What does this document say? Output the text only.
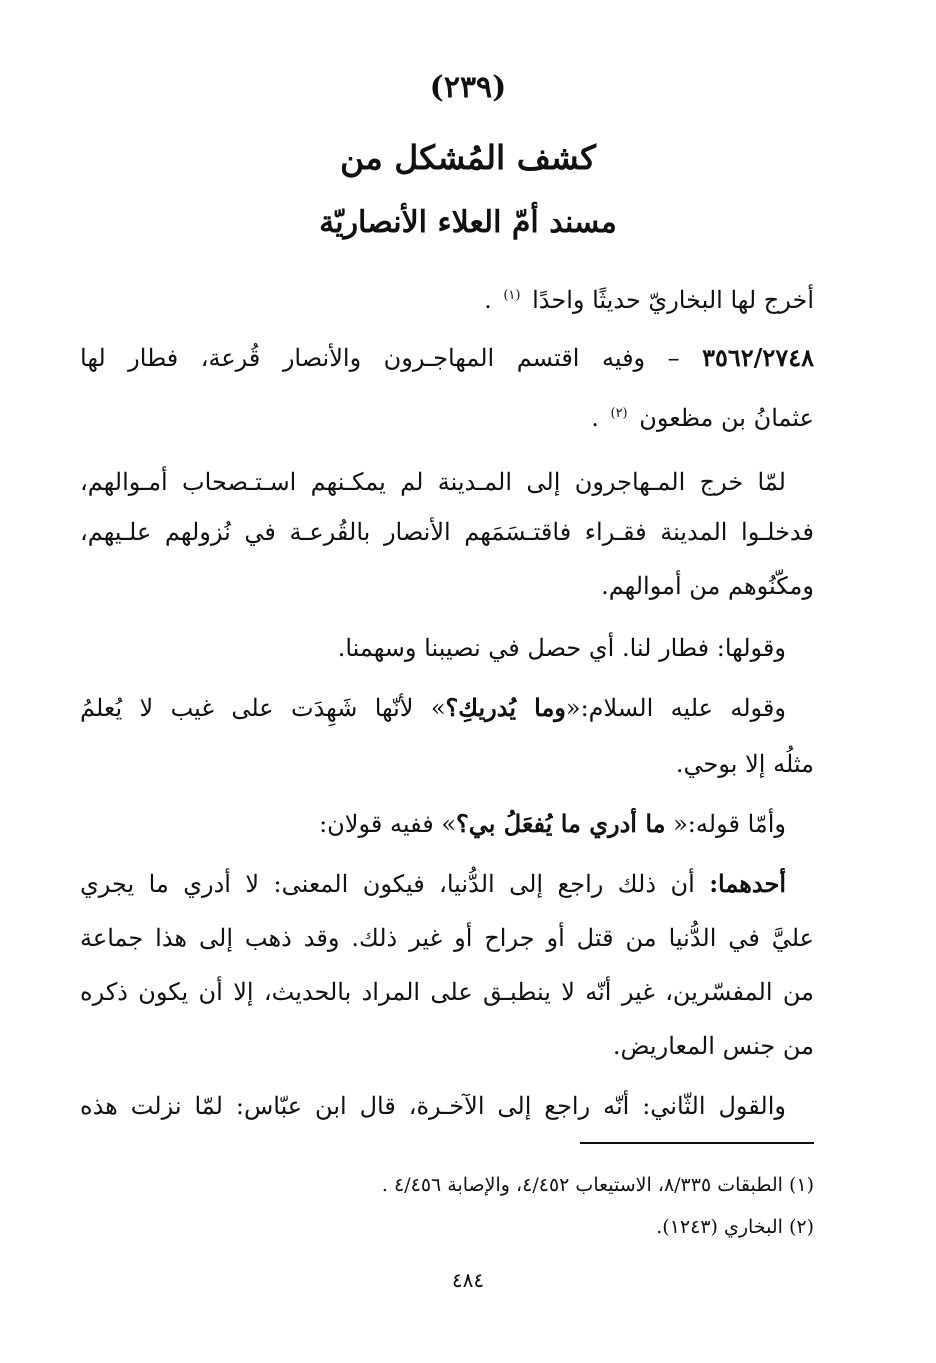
(٢٣٩)
كشف المُشكل من
مسند أمّ العلاء الأنصاريّة
أخرج لها البخاريّ حديثًا واحدًا $^{(١)}$ .
٣٥٦٢/٢٧٤٨ – وفيه اقتسم المهاجـرون والأنصار قُرعة، فطار لها
عثمانُ بن مظعون $^{(٢)}$ .
لمّا خرج المـهاجرون إلى المـدينة لم يمكـنهم اسـتـصحاب أمـوالهم،
فدخلـوا المدينة فقـراء فاقتـسَمَهم الأنصار بالقُرعـة في نُزولهم علـيهم،
ومكّنُوهم من أموالهم.
وقولها: فطار لنا. أي حصل في نصيبنا وسهمنا.
وقوله عليه السلام:«وما يُدريكِ؟» لأنّها شَهِدَت على غيب لا يُعلمُ
مثلُه إلا بوحي.
وأمّا قوله:« ما أدري ما يُفعَلُ بي؟» ففيه قولان:
أحدهما: أن ذلك راجع إلى الدُّنيا، فيكون المعنى: لا أدري ما يجري
عليَّ في الدُّنيا من قتل أو جراح أو غير ذلك. وقد ذهب إلى هذا جماعة
من المفسّرين، غير أنّه لا ينطبـق على المراد بالحديث، إلا أن يكون ذكره
من جنس المعاريض.
والقول الثّاني: أنّه راجع إلى الآخـرة، قال ابن عبّاس: لمّا نزلت هذه
(١) الطبقات ٨/٣٣٥، الاستيعاب ٤/٤٥٢، والإصابة ٤/٤٥٦ .
(٢) البخاري (١٢٤٣).
٤٨٤
